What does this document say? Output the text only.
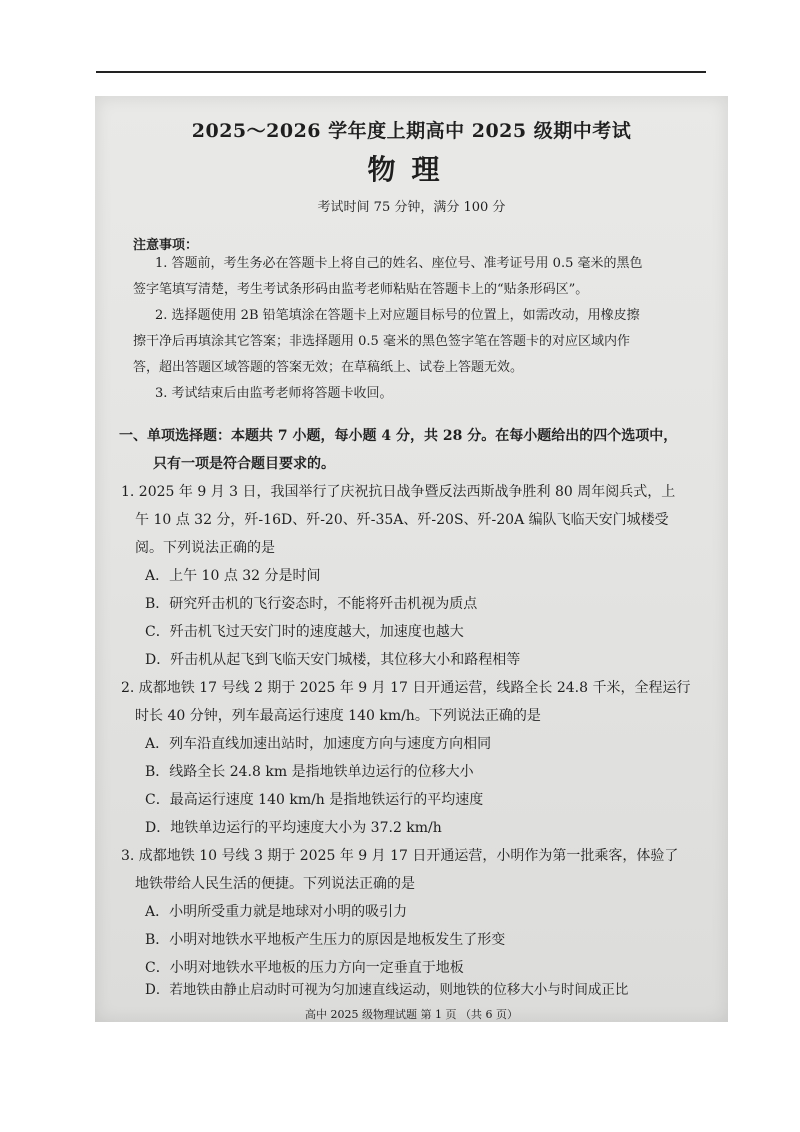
2025～2026 学年度上期高中 2025 级期中考试
物理
考试时间 75 分钟，满分 100 分
注意事项：
1. 答题前，考生务必在答题卡上将自己的姓名、座位号、准考证号用 0.5 毫米的黑色
签字笔填写清楚，考生考试条形码由监考老师粘贴在答题卡上的“贴条形码区”。
2. 选择题使用 2B 铅笔填涂在答题卡上对应题目标号的位置上，如需改动，用橡皮擦
擦干净后再填涂其它答案；非选择题用 0.5 毫米的黑色签字笔在答题卡的对应区域内作
答，超出答题区域答题的答案无效；在草稿纸上、试卷上答题无效。
3. 考试结束后由监考老师将答题卡收回。
一、单项选择题：本题共 7 小题，每小题 4 分，共 28 分。在每小题给出的四个选项中，
只有一项是符合题目要求的。
1. 2025 年 9 月 3 日，我国举行了庆祝抗日战争暨反法西斯战争胜利 80 周年阅兵式，上
午 10 点 32 分，歼-16D、歼-20、歼-35A、歼-20S、歼-20A 编队飞临天安门城楼受
阅。下列说法正确的是
A．上午 10 点 32 分是时间
B．研究歼击机的飞行姿态时，不能将歼击机视为质点
C．歼击机飞过天安门时的速度越大，加速度也越大
D．歼击机从起飞到飞临天安门城楼，其位移大小和路程相等
2. 成都地铁 17 号线 2 期于 2025 年 9 月 17 日开通运营，线路全长 24.8 千米，全程运行
时长 40 分钟，列车最高运行速度 140 km/h。下列说法正确的是
A．列车沿直线加速出站时，加速度方向与速度方向相同
B．线路全长 24.8 km 是指地铁单边运行的位移大小
C．最高运行速度 140 km/h 是指地铁运行的平均速度
D．地铁单边运行的平均速度大小为 37.2 km/h
3. 成都地铁 10 号线 3 期于 2025 年 9 月 17 日开通运营，小明作为第一批乘客，体验了
地铁带给人民生活的便捷。下列说法正确的是
A．小明所受重力就是地球对小明的吸引力
B．小明对地铁水平地板产生压力的原因是地板发生了形变
C．小明对地铁水平地板的压力方向一定垂直于地板
D．若地铁由静止启动时可视为匀加速直线运动，则地铁的位移大小与时间成正比
高中 2025 级物理试题 第 1 页 （共 6 页）
